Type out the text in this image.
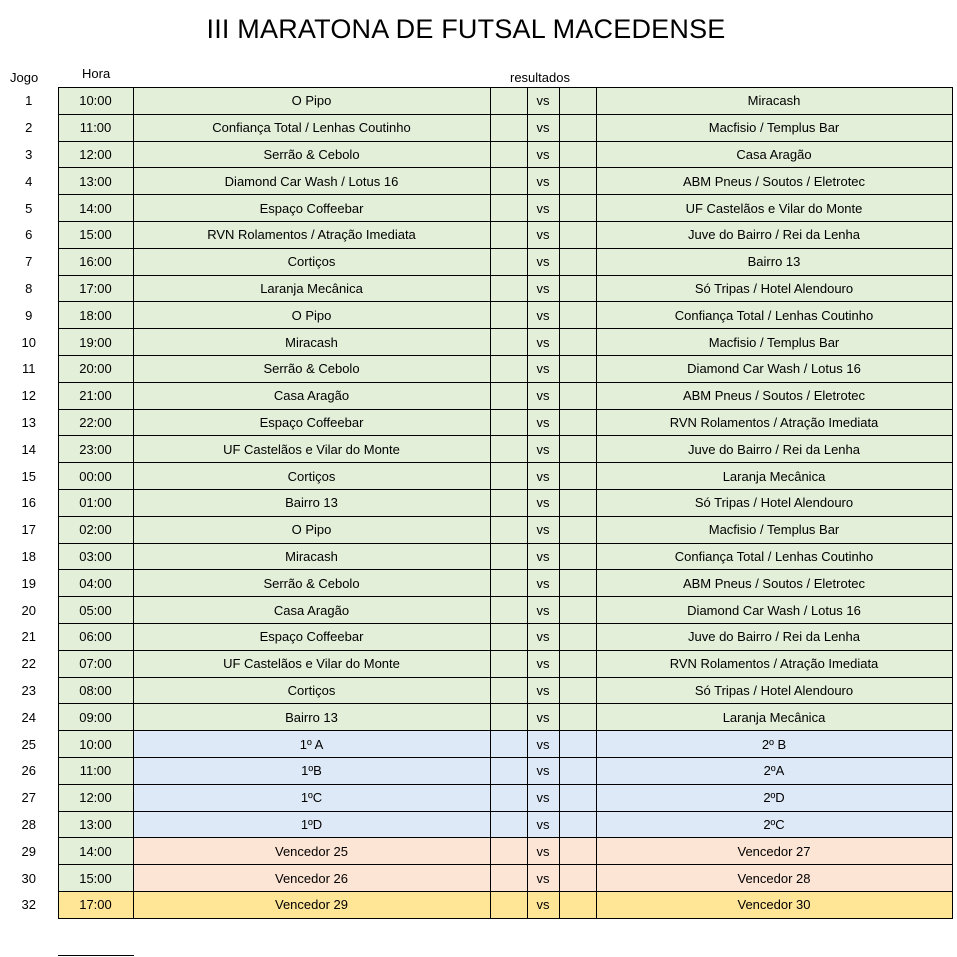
III MARATONA DE FUTSAL MACEDENSE
Jogo	Hora	resultados
1	10:00	O Pipo		vs		Miracash
2	11:00	Confiança Total / Lenhas Coutinho		vs		Macfisio / Templus Bar
3	12:00	Serrão & Cebolo		vs		Casa Aragão
4	13:00	Diamond Car Wash / Lotus 16		vs		ABM Pneus / Soutos / Eletrotec
5	14:00	Espaço Coffeebar		vs		UF Castelãos e Vilar do Monte
6	15:00	RVN Rolamentos / Atração Imediata		vs		Juve do Bairro / Rei da Lenha
7	16:00	Cortiços		vs		Bairro 13
8	17:00	Laranja Mecânica		vs		Só Tripas / Hotel Alendouro
9	18:00	O Pipo		vs		Confiança Total / Lenhas Coutinho
10	19:00	Miracash		vs		Macfisio / Templus Bar
11	20:00	Serrão & Cebolo		vs		Diamond Car Wash / Lotus 16
12	21:00	Casa Aragão		vs		ABM Pneus / Soutos / Eletrotec
13	22:00	Espaço Coffeebar		vs		RVN Rolamentos / Atração Imediata
14	23:00	UF Castelãos e Vilar do Monte		vs		Juve do Bairro / Rei da Lenha
15	00:00	Cortiços		vs		Laranja Mecânica
16	01:00	Bairro 13		vs		Só Tripas / Hotel Alendouro
17	02:00	O Pipo		vs		Macfisio / Templus Bar
18	03:00	Miracash		vs		Confiança Total / Lenhas Coutinho
19	04:00	Serrão & Cebolo		vs		ABM Pneus / Soutos / Eletrotec
20	05:00	Casa Aragão		vs		Diamond Car Wash / Lotus 16
21	06:00	Espaço Coffeebar		vs		Juve do Bairro / Rei da Lenha
22	07:00	UF Castelãos e Vilar do Monte		vs		RVN Rolamentos / Atração Imediata
23	08:00	Cortiços		vs		Só Tripas / Hotel Alendouro
24	09:00	Bairro 13		vs		Laranja Mecânica
25	10:00	1º A		vs		2º B
26	11:00	1ºB		vs		2ºA
27	12:00	1ºC		vs		2ºD
28	13:00	1ºD		vs		2ºC
29	14:00	Vencedor 25		vs		Vencedor 27
30	15:00	Vencedor 26		vs		Vencedor 28
32	17:00	Vencedor 29		vs		Vencedor 30
